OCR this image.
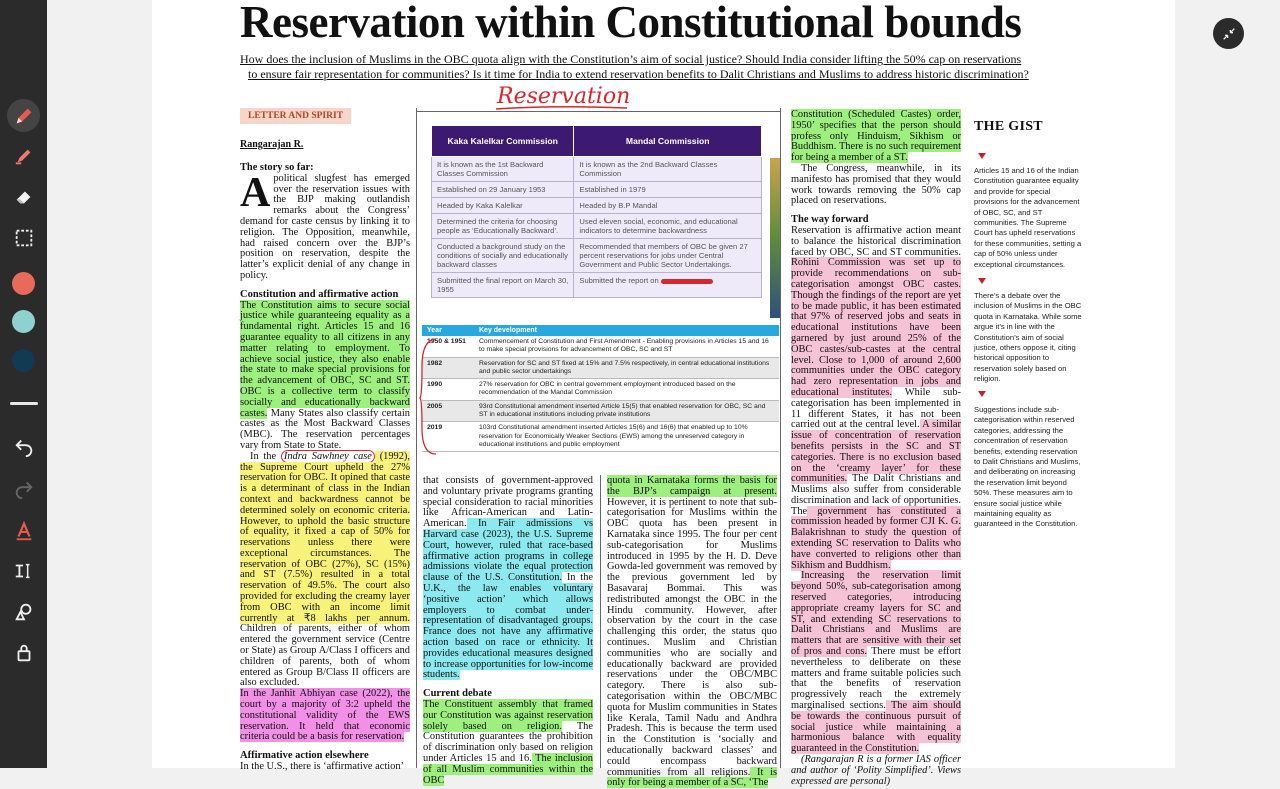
Reservation within Constitutional bounds
How does the inclusion of Muslims in the OBC quota align with the Constitution’s aim of social justice? Should India consider lifting the 50% cap on reservations
to ensure fair representation for communities? Is it time for India to extend reservation benefits to Dalit Christians and Muslims to address historic discrimination?
LETTER AND SPIRIT
Rangarajan R.
Reservation

The story so far:

Apolitical slugfest has emerged over the reservation issues with the BJP making outlandish remarks about the Congress’ demand for caste census by linking it to religion. The Opposition, meanwhile, had raised concern over the BJP’s position on reservation, despite the latter’s explicit denial of any change in policy.

Constitution and affirmative action

The Constitution aims to secure social justice while guaranteeing equality as a fundamental right. Articles 15 and 16 guarantee equality to all citizens in any matter relating to employment. To achieve social justice, they also enable the state to make special provisions for the advancement of OBC, SC and ST. OBC is a collective term to classify socially and educationally backward castes. Many States also classify certain castes as the Most Backward Classes (MBC). The reservation percentages vary from State to State.

In the Indra Sawhney case (1992), the Supreme Court upheld the 27% reservation for OBC. It opined that caste is a determinant of class in the Indian context and backwardness cannot be determined solely on economic criteria. However, to uphold the basic structure of equality, it fixed a cap of 50% for reservations unless there were exceptional circumstances. The reservation of OBC (27%), SC (15%) and ST (7.5%) resulted in a total reservation of 49.5%. The court also provided for excluding the creamy layer from OBC with an income limit currently at ₹8 lakhs per annum. Children of parents, either of whom entered the government service (Centre or State) as Group A/Class I officers and children of parents, both of whom entered as Group B/Class II officers are also excluded.

In the Janhit Abhiyan case (2022), the court by a majority of 3:2 upheld the constitutional validity of the EWS reservation. It held that economic criteria could be a basis for reservation.

Affirmative action elsewhere

In the U.S., there is ‘affirmative action’

Kaka Kalelkar Commission	Mandal Commission
It is known as the 1st Backward Classes Commission	It is known as the 2nd Backward Classes Commission
Established on 29 January 1953	Established in 1979
Headed by Kaka Kalelkar	Headed by B.P Mandal
Determined the criteria for choosing people as ‘Educationally Backward’.	Used eleven social, economic, and educational indicators to determine backwardness
Conducted a background study on the conditions of socially and educationally backward classes	Recommended that members of OBC be given 27 percent reservations for jobs under Central Government and Public Sector Undertakings.
Submitted the final report on March 30, 1955	Submitted the report on
Year	Key development
1950 & 1951	Commencement of Constitution and First Amendment - Enabling provisions in Articles 15 and 16 to make special provisions for advancement of OBC, SC and ST
1982	Reservation for SC and ST fixed at 15% and 7.5% respectively, in central educational institutions and public sector undertakings
1990	27% reservation for OBC in central government employment introduced based on the recommendation of the Mandal Commission
2005	93rd Constitutional amendment inserted Article 15(5) that enabled reservation for OBC, SC and ST in educational institutions including private institutions
2019	103rd Constitutional amendment inserted Articles 15(6) and 16(6) that enabled up to 10% reservation for Economically Weaker Sections (EWS) among the unreserved category in educational institutions and public employment

that consists of government-approved and voluntary private programs granting special consideration to racial minorities like African-American and Latin-American. In Fair admissions vs Harvard case (2023), the U.S. Supreme Court, however, ruled that race-based affirmative action programs in college admissions violate the equal protection clause of the U.S. Constitution. In the U.K., the law enables voluntary ‘positive action’ which allows employers to combat under-representation of disadvantaged groups. France does not have any affirmative action based on race or ethnicity. It provides educational measures designed to increase opportunities for low-income students.

Current debate

The Constituent assembly that framed our Constitution was against reservation solely based on religion. The Constitution guarantees the prohibition of discrimination only based on religion under Articles 15 and 16. The inclusion of all Muslim communities within the OBC

quota in Karnataka forms the basis for the BJP’s campaign at present. However, it is pertinent to note that sub-categorisation for Muslims within the OBC quota has been present in Karnataka since 1995. The four per cent sub-categorisation for Muslims introduced in 1995 by the H. D. Deve Gowda-led government was removed by the previous government led by Basavaraj Bommai. This was redistributed amongst the OBC in the Hindu community. However, after observation by the court in the case challenging this order, the status quo continues. Muslim and Christian communities who are socially and educationally backward are provided reservations under the OBC/MBC category. There is also sub-categorisation within the OBC/MBC quota for Muslim communities in States like Kerala, Tamil Nadu and Andhra Pradesh. This is because the term used in the Constitution is ‘socially and educationally backward classes’ and could encompass backward communities from all religions. It is only for being a member of a SC, ‘The

Constitution (Scheduled Castes) order, 1950’ specifies that the person should profess only Hinduism, Sikhism or Buddhism. There is no such requirement for being a member of a ST.

The Congress, meanwhile, in its manifesto has promised that they would work towards removing the 50% cap placed on reservations.

The way forward

Reservation is affirmative action meant to balance the historical discrimination faced by OBC, SC and ST communities. Rohini Commission was set up to provide recommendations on sub-categorisation amongst OBC castes. Though the findings of the report are yet to be made public, it has been estimated that 97% of reserved jobs and seats in educational institutions have been garnered by just around 25% of the OBC castes/sub-castes at the central level. Close to 1,000 of around 2,600 communities under the OBC category had zero representation in jobs and educational institutes. While sub-categorisation has been implemented in 11 different States, it has not been carried out at the central level. A similar issue of concentration of reservation benefits persists in the SC and ST categories. There is no exclusion based on the ‘creamy layer’ for these communities. The Dalit Christians and Muslims also suffer from considerable discrimination and lack of opportunities. The government has constituted a commission headed by former CJI K. G. Balakrishnan to study the question of extending SC reservation to Dalits who have converted to religions other than Sikhism and Buddhism.

Increasing the reservation limit beyond 50%, sub-categorisation among reserved categories, introducing appropriate creamy layers for SC and ST, and extending SC reservations to Dalit Christians and Muslims are matters that are sensitive with their set of pros and cons. There must be effort nevertheless to deliberate on these matters and frame suitable policies such that the benefits of reservation progressively reach the extremely marginalised sections. The aim should be towards the continuous pursuit of social justice while maintaining a harmonious balance with equality guaranteed in the Constitution.

(Rangarajan R is a former IAS officer and author of ‘Polity Simplified’. Views expressed are personal)

THE GIST
Articles 15 and 16 of the Indian Constitution guarantee equality and provide for special provisions for the advancement of OBC, SC, and ST communities. The Supreme Court has upheld reservations for these communities, setting a cap of 50% unless under exceptional circumstances.
There’s a debate over the inclusion of Muslims in the OBC quota in Karnataka. While some argue it’s in line with the Constitution’s aim of social justice, others oppose it, citing historical opposition to reservation solely based on religion.
Suggestions include sub-categorisation within reserved categories, addressing the concentration of reservation benefits, extending reservation to Dalit Christians and Muslims, and deliberating on increasing the reservation limit beyond 50%. These measures aim to ensure social justice while maintaining equality as guaranteed in the Constitution.
